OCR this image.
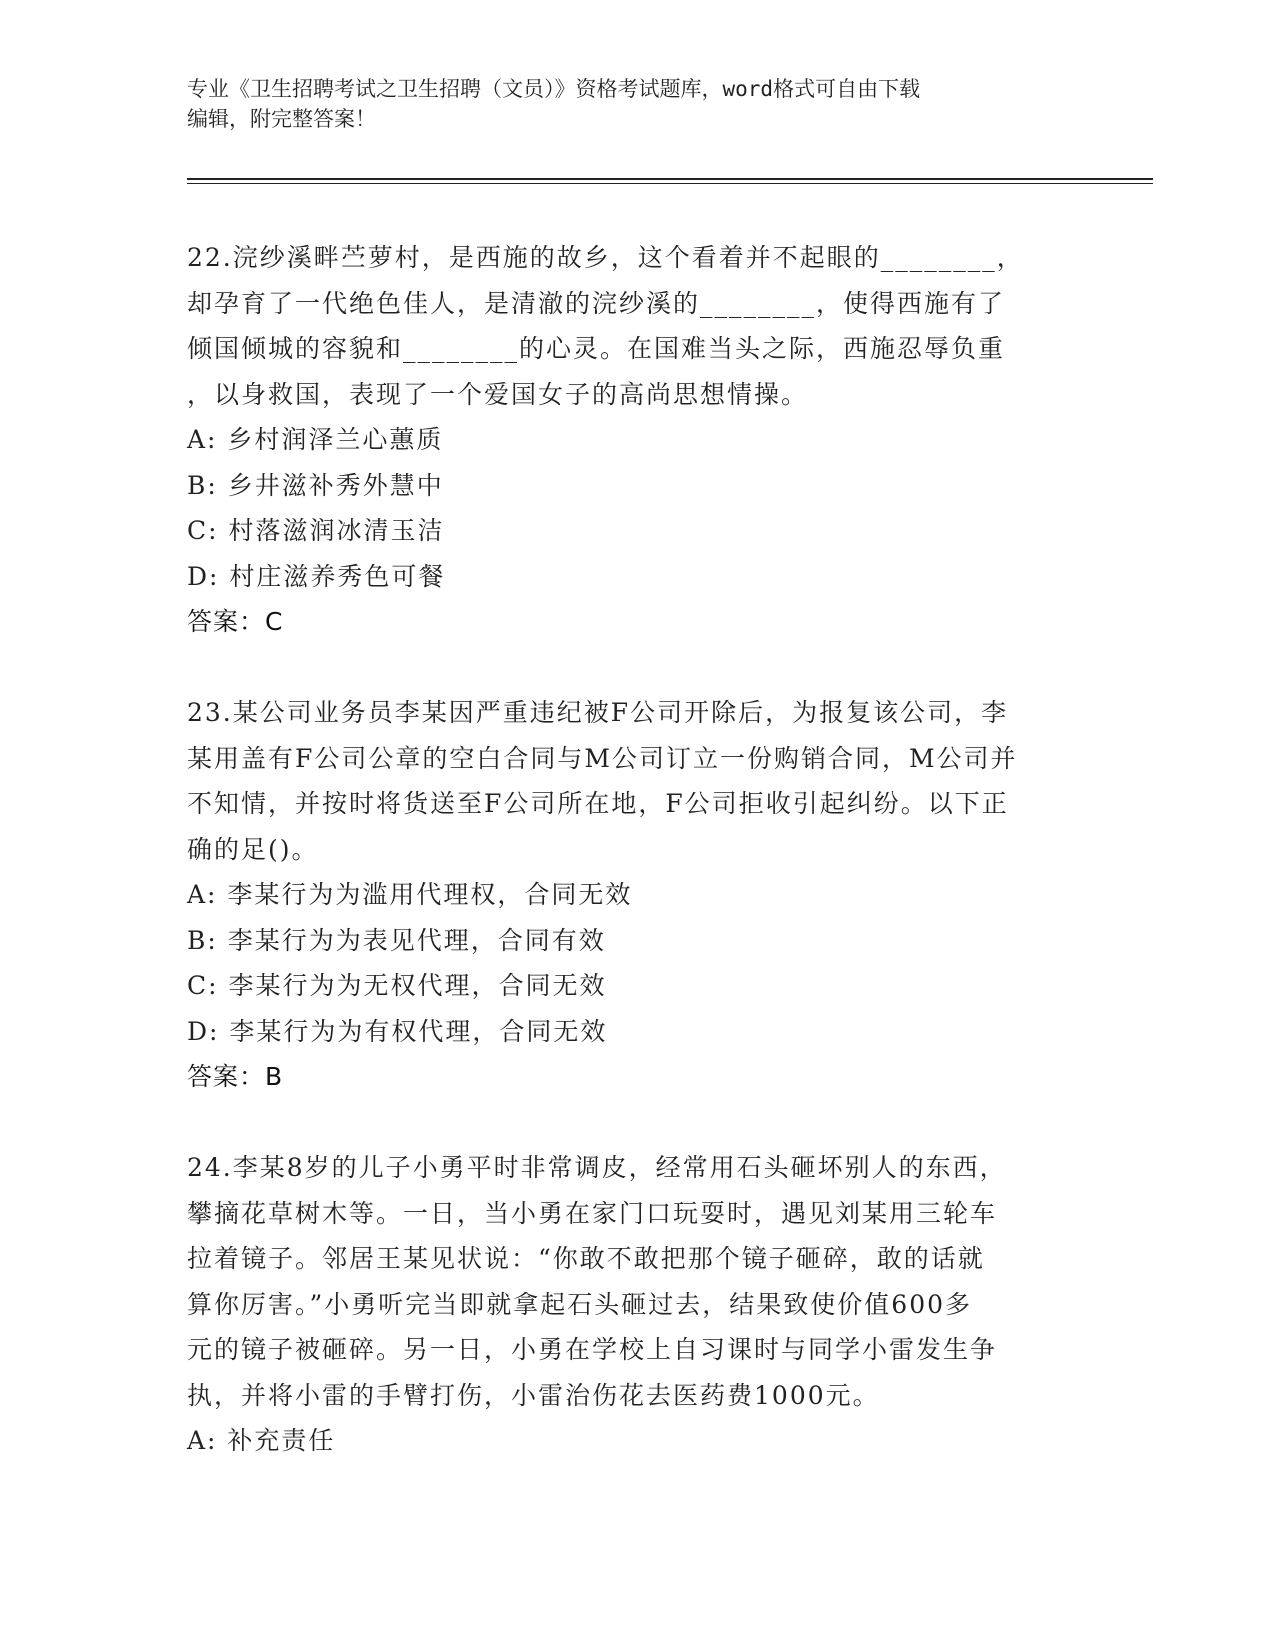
专业《卫生招聘考试之卫生招聘（文员）》资格考试题库，word格式可自由下载
编辑，附完整答案！
22.浣纱溪畔苎萝村，是西施的故乡，这个看着并不起眼的________，
却孕育了一代绝色佳人，是清澈的浣纱溪的________，使得西施有了
倾国倾城的容貌和________的心灵。在国难当头之际，西施忍辱负重
，以身救国，表现了一个爱国女子的高尚思想情操。
A: 乡村润泽兰心蕙质
B: 乡井滋补秀外慧中
C: 村落滋润冰清玉洁
D: 村庄滋养秀色可餐
答案：C
23.某公司业务员李某因严重违纪被F公司开除后，为报复该公司，李
某用盖有F公司公章的空白合同与M公司订立一份购销合同，M公司并
不知情，并按时将货送至F公司所在地，F公司拒收引起纠纷。以下正
确的足()。
A: 李某行为为滥用代理权，合同无效
B: 李某行为为表见代理，合同有效
C: 李某行为为无权代理，合同无效
D: 李某行为为有权代理，合同无效
答案：B
24.李某8岁的儿子小勇平时非常调皮，经常用石头砸坏别人的东西，
攀摘花草树木等。一日，当小勇在家门口玩耍时，遇见刘某用三轮车
拉着镜子。邻居王某见状说：“你敢不敢把那个镜子砸碎，敢的话就
算你厉害。”小勇听完当即就拿起石头砸过去，结果致使价值600多
元的镜子被砸碎。另一日，小勇在学校上自习课时与同学小雷发生争
执，并将小雷的手臂打伤，小雷治伤花去医药费1000元。
A: 补充责任
